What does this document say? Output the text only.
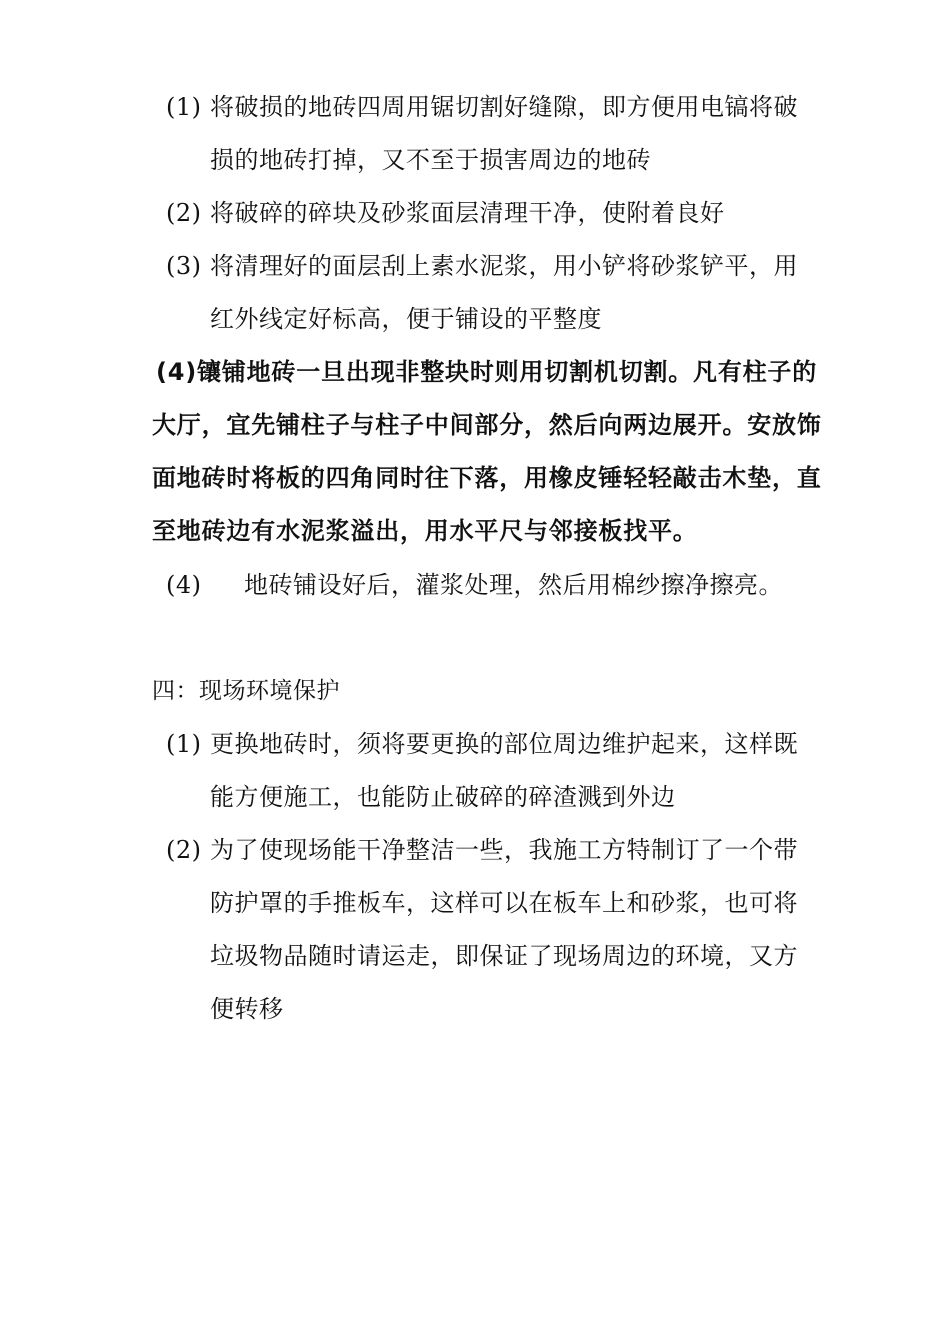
(1) 将破损的地砖四周用锯切割好缝隙，即方便用电镐将破
损的地砖打掉，又不至于损害周边的地砖
(2) 将破碎的碎块及砂浆面层清理干净，使附着良好
(3) 将清理好的面层刮上素水泥浆，用小铲将砂浆铲平，用
红外线定好标高，便于铺设的平整度
(4)镶铺地砖一旦出现非整块时则用切割机切割。凡有柱子的
大厅，宜先铺柱子与柱子中间部分，然后向两边展开。安放饰
面地砖时将板的四角同时往下落，用橡皮锤轻轻敲击木垫，直
至地砖边有水泥浆溢出，用水平尺与邻接板找平。
(4) 地砖铺设好后，灌浆处理，然后用棉纱擦净擦亮。
四：现场环境保护
(1) 更换地砖时，须将要更换的部位周边维护起来，这样既
能方便施工，也能防止破碎的碎渣溅到外边
(2) 为了使现场能干净整洁一些，我施工方特制订了一个带
防护罩的手推板车，这样可以在板车上和砂浆，也可将
垃圾物品随时请运走，即保证了现场周边的环境，又方
便转移
